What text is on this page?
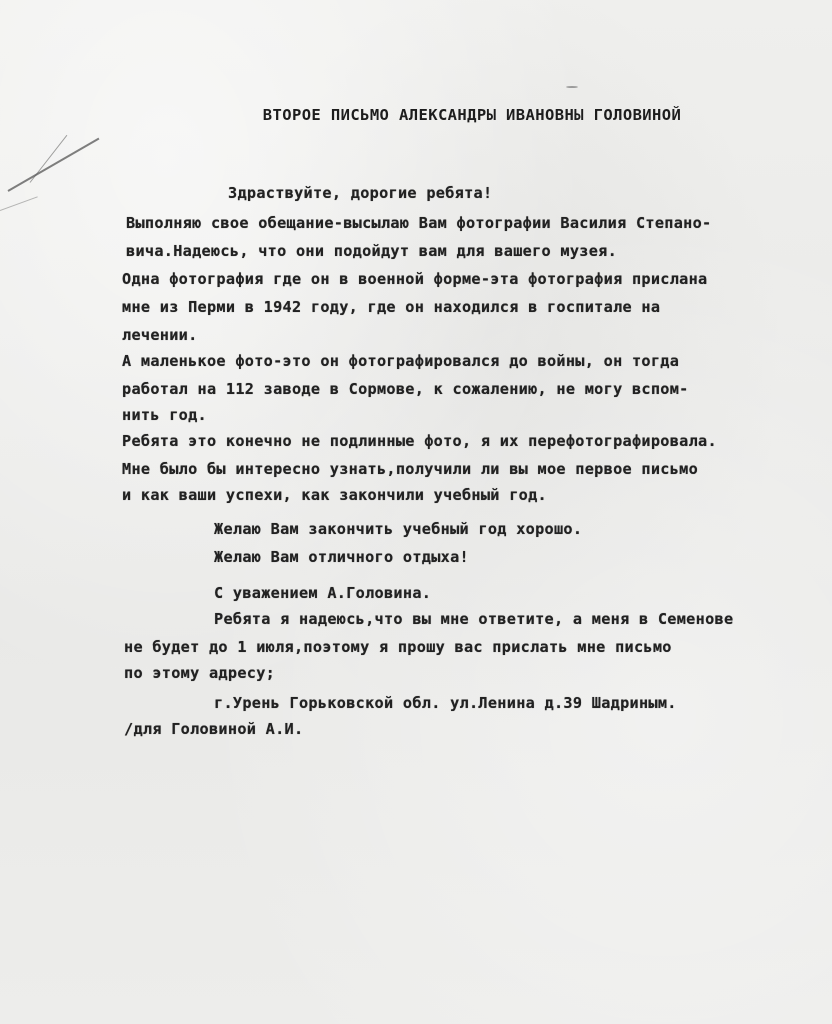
ВТОРОЕ ПИСЬМО АЛЕКСАНДРЫ ИВАНОВНЫ ГОЛОВИНОЙ
Здраствуйте, дорогие ребята!
Выполняю свое обещание-высылаю Вам фотографии Василия Степано-
вича.Надеюсь, что они подойдут вам для вашего музея.
Одна фотография где он в военной форме-эта фотография прислана
мне из Перми в 1942 году, где он находился в госпитале на
лечении.
А маленькое фото-это он фотографировался до войны, он тогда
работал на 112 заводе в Сормове, к сожалению, не могу вспом-
нить год.
Ребята это конечно не подлинные фото, я их перефотографировала.
Мне было бы интересно узнать,получили ли вы мое первое письмо
и как ваши успехи, как закончили учебный год.
Желаю Вам закончить учебный год хорошо.
Желаю Вам отличного отдыха!
С уважением А.Головина.
Ребята я надеюсь,что вы мне ответите, а меня в Семенове
не будет до 1 июля,поэтому я прошу вас прислать мне письмо
по этому адресу;
г.Урень Горьковской обл. ул.Ленина д.39 Шадриным.
/для Головиной А.И.
